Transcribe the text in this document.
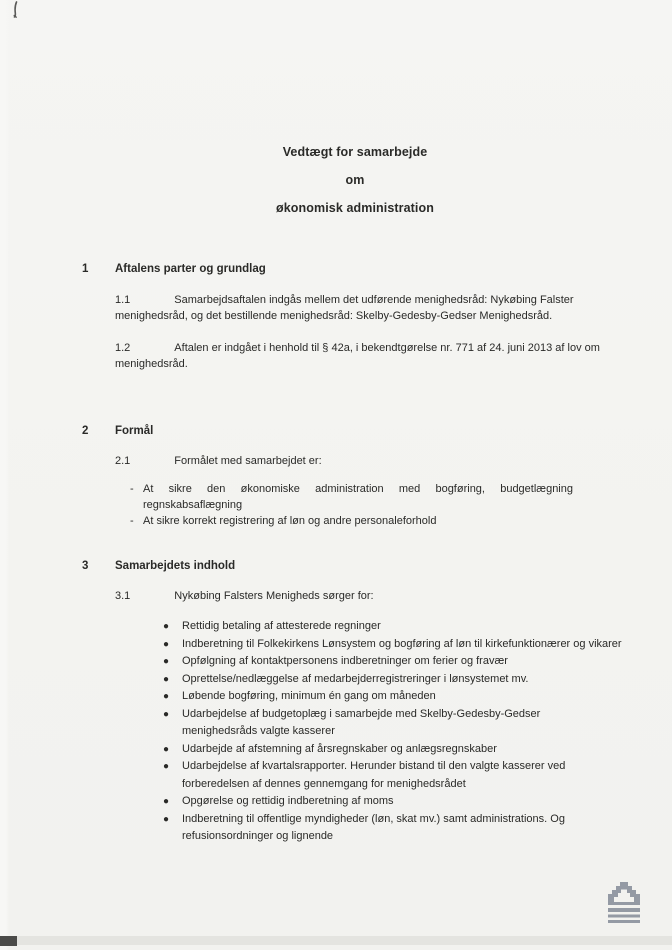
Vedtægt for samarbejde

om

økonomisk administration

1	Aftalens parter og grundlag

1.1	Samarbejdsaftalen indgås mellem det udførende menighedsråd: Nykøbing Falster menighedsråd, og det bestillende menighedsråd: Skelby-Gedesby-Gedser Menighedsråd.

1.2	Aftalen er indgået i henhold til § 42a, i bekendtgørelse nr. 771 af 24. juni 2013 af lov om menighedsråd.

2	Formål

2.1	Formålet med samarbejdet er:

- At sikre den økonomiske administration med bogføring, budgetlægning regnskabsaflægning
- At sikre korrekt registrering af løn og andre personaleforhold
3	Samarbejdets indhold

3.1	Nykøbing Falsters Menigheds sørger for:

●	Rettidig betaling af attesterede regninger
●	Indberetning til Folkekirkens Lønsystem og bogføring af løn til kirkefunktionærer og vikarer
●	Opfølgning af kontaktpersonens indberetninger om ferier og fravær
●	Oprettelse/nedlæggelse af medarbejderregistreringer i lønsystemet mv.
●	Løbende bogføring, minimum én gang om måneden
●	Udarbejdelse af budgetoplæg i samarbejde med Skelby-Gedesby-Gedser menighedsråds valgte kasserer
●	Udarbejde af afstemning af årsregnskaber og anlægsregnskaber
●	Udarbejdelse af kvartalsrapporter. Herunder bistand til den valgte kasserer ved forberedelsen af dennes gennemgang for menighedsrådet
●	Opgørelse og rettidig indberetning af moms
●	Indberetning til offentlige myndigheder (løn, skat mv.) samt administrations. Og refusionsordninger og lignende
